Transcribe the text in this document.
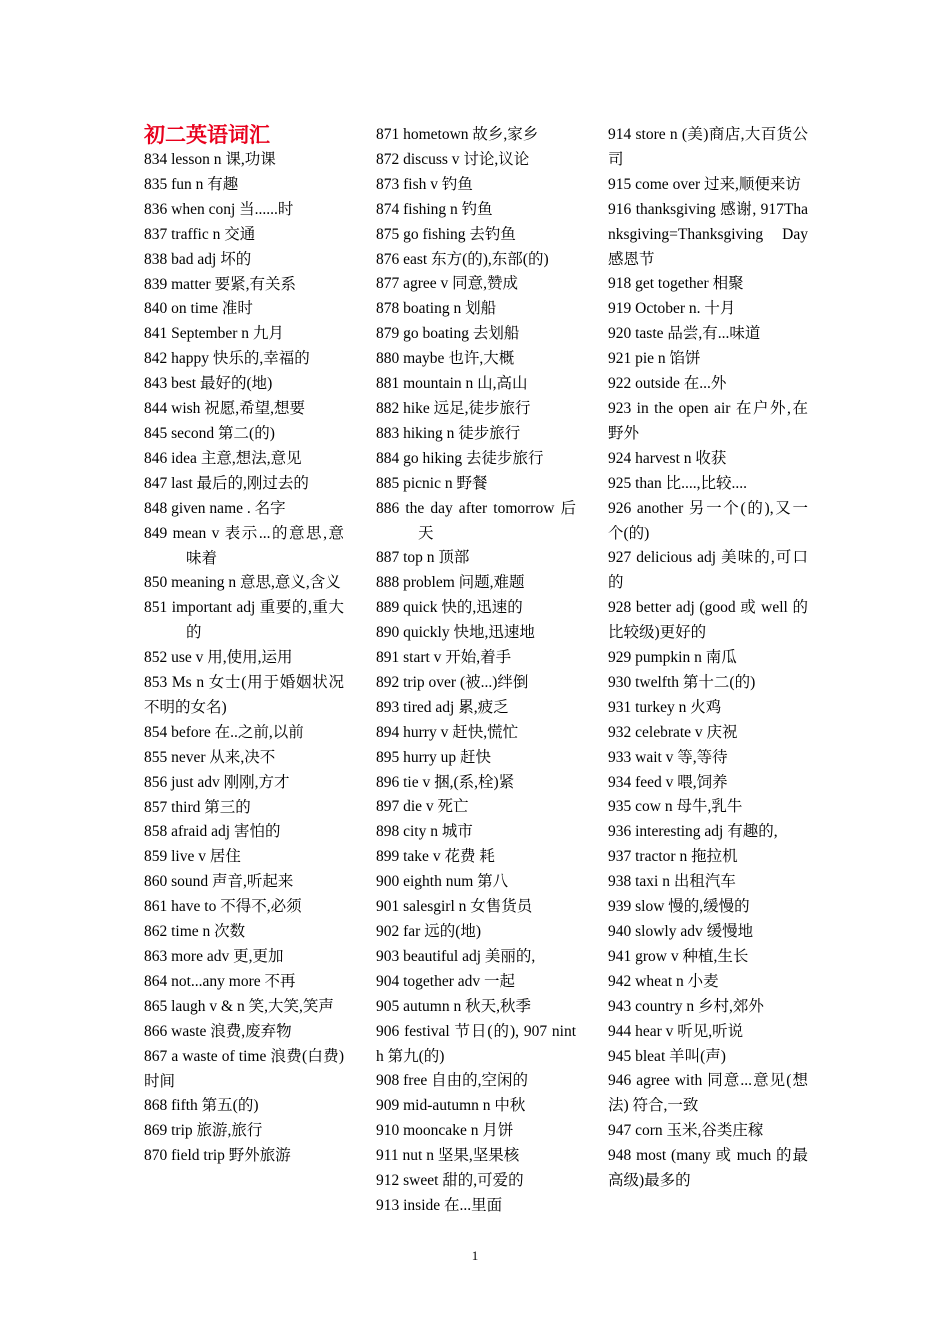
初二英语词汇
834 lesson n 课,功课
835 fun n 有趣
836 when conj 当......时
837 traffic n 交通
838 bad adj 坏的
839 matter 要紧,有关系
840 on time 准时
841 September n 九月
842 happy 快乐的,幸福的
843 best 最好的(地)
844 wish 祝愿,希望,想要
845 second 第二(的)
846 idea 主意,想法,意见
847 last 最后的,刚过去的
848 given name . 名字
849 mean v 表示...的意思,意味着
850 meaning n 意思,意义,含义
851 important adj 重要的,重大的
852 use v 用,使用,运用
853 Ms n 女士(用于婚姻状况不明的女名)
854 before 在..之前,以前
855 never 从来,决不
856 just adv 刚刚,方才
857 third 第三的
858 afraid adj 害怕的
859 live v 居住
860 sound 声音,听起来
861 have to 不得不,必须
862 time n 次数
863 more adv 更,更加
864 not...any more 不再
865 laugh v & n 笑,大笑,笑声
866 waste 浪费,废弃物
867 a waste of time 浪费(白费)时间
868 fifth 第五(的)
869 trip 旅游,旅行
870 field trip 野外旅游
871 hometown 故乡,家乡
872 discuss v 讨论,议论
873 fish v 钓鱼
874 fishing n 钓鱼
875 go fishing 去钓鱼
876 east 东方(的),东部(的)
877 agree v 同意,赞成
878 boating n 划船
879 go boating 去划船
880 maybe 也许,大概
881 mountain n 山,高山
882 hike 远足,徒步旅行
883 hiking n 徒步旅行
884 go hiking 去徒步旅行
885 picnic n 野餐
886 the day after tomorrow 后天
887 top n 顶部
888 problem 问题,难题
889 quick 快的,迅速的
890 quickly 快地,迅速地
891 start v 开始,着手
892 trip over (被...)绊倒
893 tired adj 累,疲乏
894 hurry v 赶快,慌忙
895 hurry up 赶快
896 tie v 捆,(系,栓)紧
897 die v 死亡
898 city n 城市
899 take v 花费 耗
900 eighth num 第八
901 salesgirl n 女售货员
902 far 远的(地)
903 beautiful adj 美丽的,
904 together adv 一起
905 autumn n 秋天,秋季
906 festival 节日(的), 907 ninth 第九(的)
908 free 自由的,空闲的
909 mid-autumn n 中秋
910 mooncake n 月饼
911 nut n 坚果,坚果核
912 sweet 甜的,可爱的
913 inside 在...里面
914 store n (美)商店,大百货公司
915 come over 过来,顺便来访
916 thanksgiving 感谢, 917Thanksgiving=Thanksgiving Day 感恩节
918 get together 相聚
919 October n. 十月
920 taste 品尝,有...味道
921 pie n 馅饼
922 outside 在...外
923 in the open air 在户外,在野外
924 harvest n 收获
925 than 比....,比较....
926 another 另一个(的),又一个(的)
927 delicious adj 美味的,可口的
928 better adj (good 或 well 的比较级)更好的
929 pumpkin n 南瓜
930 twelfth 第十二(的)
931 turkey n 火鸡
932 celebrate v 庆祝
933 wait v 等,等待
934 feed v 喂,饲养
935 cow n 母牛,乳牛
936 interesting adj 有趣的,
937 tractor n 拖拉机
938 taxi n 出租汽车
939 slow 慢的,缓慢的
940 slowly adv 缓慢地
941 grow v 种植,生长
942 wheat n 小麦
943 country n 乡村,郊外
944 hear v 听见,听说
945 bleat 羊叫(声)
946 agree with 同意...意见(想法) 符合,一致
947 corn 玉米,谷类庄稼
948 most (many 或 much 的最高级)最多的
1
